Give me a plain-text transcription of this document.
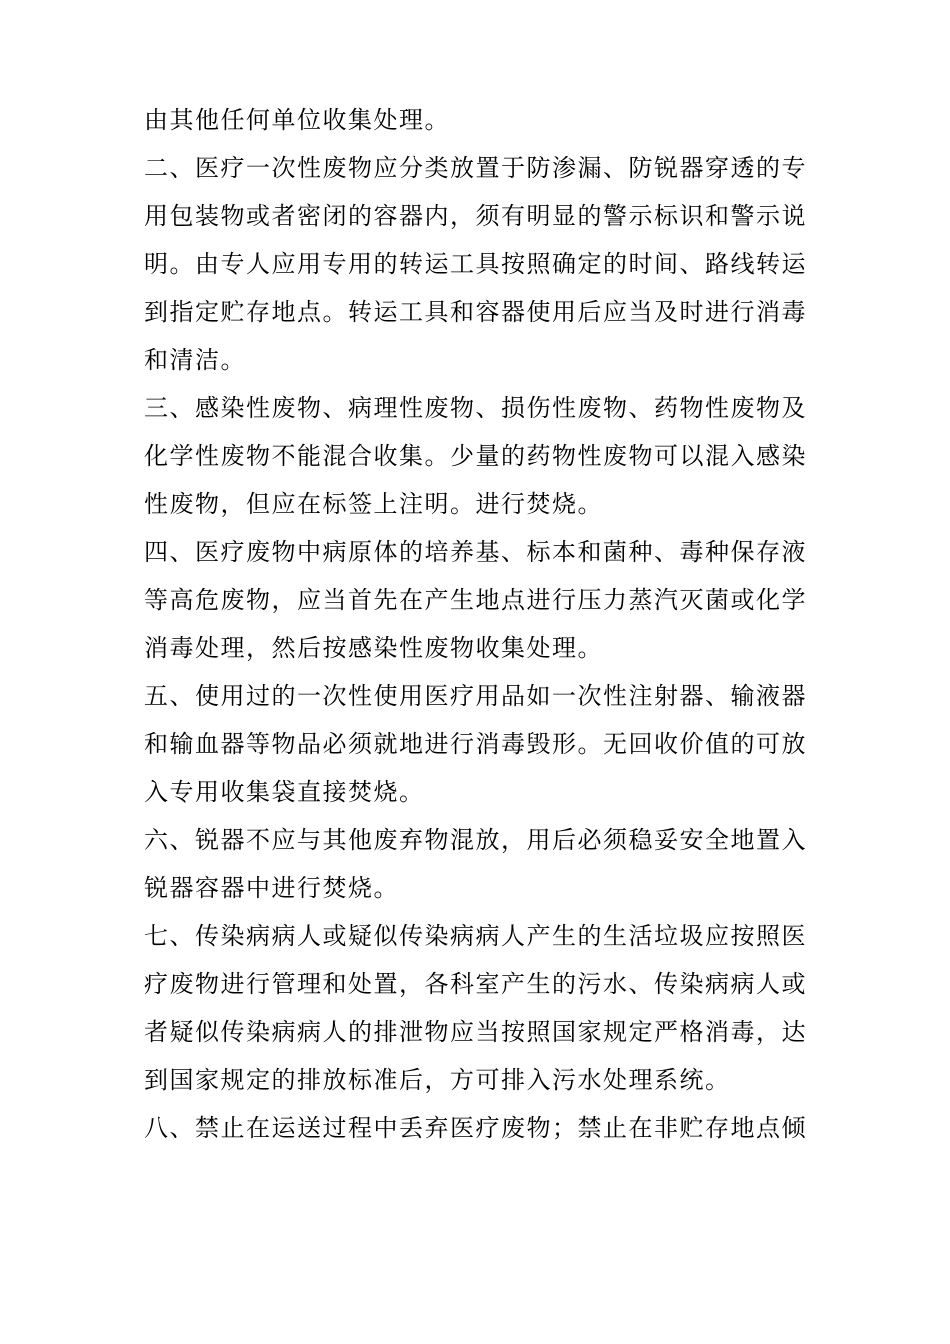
由其他任何单位收集处理。
二、医疗一次性废物应分类放置于防渗漏、防锐器穿透的专
用包装物或者密闭的容器内，须有明显的警示标识和警示说
明。由专人应用专用的转运工具按照确定的时间、路线转运
到指定贮存地点。转运工具和容器使用后应当及时进行消毒
和清洁。
三、感染性废物、病理性废物、损伤性废物、药物性废物及
化学性废物不能混合收集。少量的药物性废物可以混入感染
性废物，但应在标签上注明。进行焚烧。
四、医疗废物中病原体的培养基、标本和菌种、毒种保存液
等高危废物，应当首先在产生地点进行压力蒸汽灭菌或化学
消毒处理，然后按感染性废物收集处理。
五、使用过的一次性使用医疗用品如一次性注射器、输液器
和输血器等物品必须就地进行消毒毁形。无回收价值的可放
入专用收集袋直接焚烧。
六、锐器不应与其他废弃物混放，用后必须稳妥安全地置入
锐器容器中进行焚烧。
七、传染病病人或疑似传染病病人产生的生活垃圾应按照医
疗废物进行管理和处置，各科室产生的污水、传染病病人或
者疑似传染病病人的排泄物应当按照国家规定严格消毒，达
到国家规定的排放标准后，方可排入污水处理系统。
八、禁止在运送过程中丢弃医疗废物；禁止在非贮存地点倾
